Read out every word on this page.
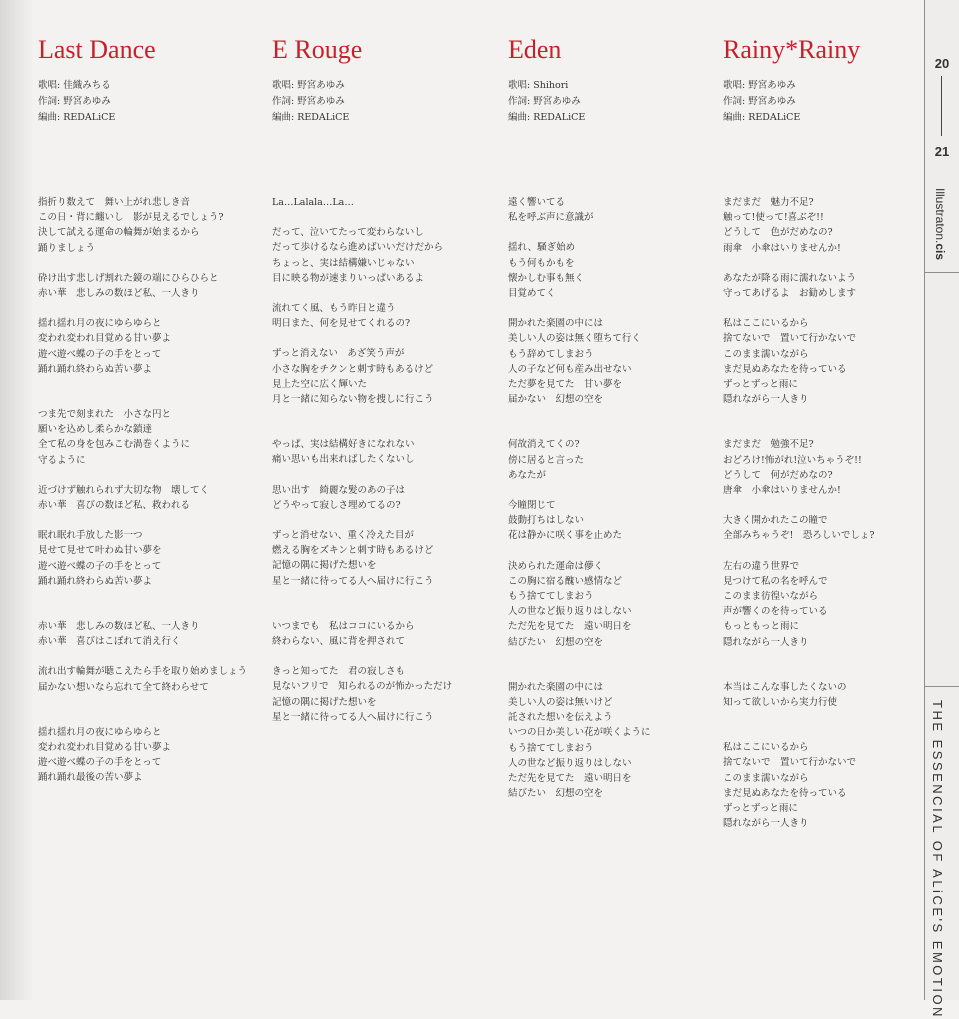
Last Dance
歌唱: 佳織みちる
作詞: 野宮あゆみ
編曲: REDALiCE
指折り数えて　舞い上がれ悲しき音
この日・背に纏いし　影が見えるでしょう?
決して試える運命の輪舞が始まるから
踊りましょう
砕け出す悲しげ割れた鏡の端にひらひらと
赤い華　悲しみの数ほど私、一人きり
揺れ揺れ月の夜にゆらゆらと
変われ変われ目覚める甘い夢よ
遊べ遊べ蝶の子の手をとって
踊れ踊れ終わらぬ苦い夢よ
つま先で刻まれた　小さな円と
願いを込めし柔らかな鎖達
全て私の身を包みこむ渦巻くように
守るように
近づけず触れられず大切な物　壊してく
赤い華　喜びの数ほど私、救われる
眠れ眠れ手放した影一つ
見せて見せて叶わぬ甘い夢を
遊べ遊べ蝶の子の手をとって
踊れ踊れ終わらぬ苦い夢よ
赤い華　悲しみの数ほど私、一人きり
赤い華　喜びはこぼれて消え行く
流れ出す輪舞が聴こえたら手を取り始めましょう
届かない想いなら忘れて全て終わらせて
揺れ揺れ月の夜にゆらゆらと
変われ変われ目覚める甘い夢よ
遊べ遊べ蝶の子の手をとって
踊れ踊れ最後の苦い夢よ
E Rouge
歌唱: 野宮あゆみ
作詞: 野宮あゆみ
編曲: REDALiCE
La…Lalala…La…
だって、泣いてたって変わらないし
だって歩けるなら進めばいいだけだから
ちょっと、実は結構嫌いじゃない
目に映る物が速まりいっぱいあるよ
流れてく風、もう昨日と違う
明日また、何を見せてくれるの?
ずっと消えない　あざ笑う声が
小さな胸をチクンと刺す時もあるけど
見上た空に広く輝いた
月と一緒に知らない物を捜しに行こう
やっぱ、実は結構好きになれない
痛い思いも出来ればしたくないし
思い出す　綺麗な髪のあの子は
どうやって寂しさ埋めてるの?
ずっと消せない、重く冷えた目が
燃える胸をズキンと刺す時もあるけど
記憶の隅に掲げた想いを
星と一緒に待ってる人へ届けに行こう
いつまでも　私はココにいるから
終わらない、風に背を押されて
きっと知ってた　君の寂しさも
見ないフリで　知られるのが怖かっただけ
記憶の隅に掲げた想いを
星と一緒に待ってる人へ届けに行こう
Eden
歌唱: Shihori
作詞: 野宮あゆみ
編曲: REDALiCE
遠く響いてる
私を呼ぶ声に意識が
揺れ、騒ぎ始め
もう何もかもを
懐かしむ事も無く
目覚めてく
開かれた楽園の中には
美しい人の姿は無く堕ちて行く
もう辞めてしまおう
人の子など何も産み出せない
ただ夢を見てた　甘い夢を
届かない　幻想の空を
何故消えてくの?
傍に居ると言った
あなたが
今瞳閉じて
鼓動打ちはしない
花は静かに咲く事を止めた
決められた運命は儚く
この胸に宿る醜い感情など
もう捨ててしまおう
人の世など振り返りはしない
ただ先を見てた　遠い明日を
結びたい　幻想の空を
開かれた楽園の中には
美しい人の姿は無いけど
託された想いを伝えよう
いつの日か美しい花が咲くように
もう捨ててしまおう
人の世など振り返りはしない
ただ先を見てた　遠い明日を
結びたい　幻想の空を
Rainy*Rainy
歌唱: 野宮あゆみ
作詞: 野宮あゆみ
編曲: REDALiCE
まだまだ　魅力不足?
触って!使って!喜ぶぞ!!
どうして　色がだめなの?
雨傘　小傘はいりませんか!
あなたが降る雨に濡れないよう
守ってあげるよ　お勧めします
私はここにいるから
捨てないで　置いて行かないで
このまま濡いながら
まだ見ぬあなたを待っている
ずっとずっと雨に
隠れながら一人きり
まだまだ　勉強不足?
おどろけ!怖がれ!泣いちゃうぞ!!
どうして　何がだめなの?
唐傘　小傘はいりませんか!
大きく開かれたこの瞳で
全部みちゃうぞ!　恐ろしいでしょ?
左右の違う世界で
見つけて私の名を呼んで
このまま彷徨いながら
声が響くのを待っている
もっともっと雨に
隠れながら一人きり
本当はこんな事したくないの
知って欲しいから実力行使
私はここにいるから
捨てないで　置いて行かないで
このまま濡いながら
まだ見ぬあなたを待っている
ずっとずっと雨に
隠れながら一人きり
20
21
Illustraton.cis
THE ESSENCIAL OF ALiCE'S EMOTION
